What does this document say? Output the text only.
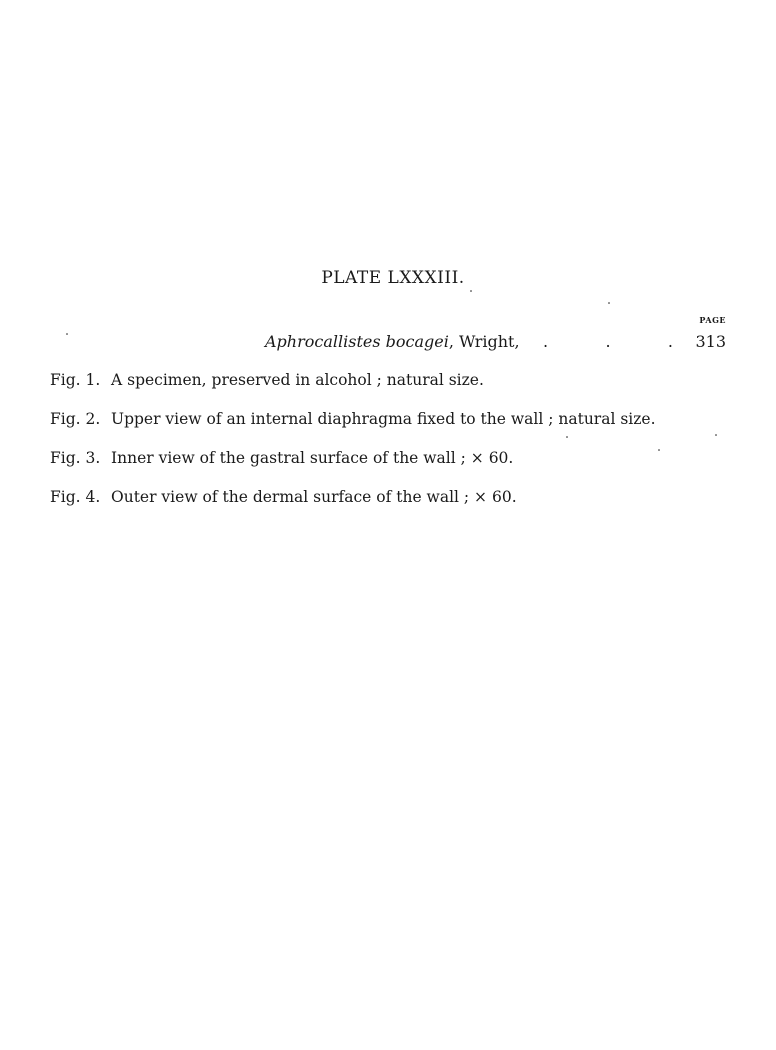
PLATE LXXXIII.
PAGE
Aphrocallistes bocagei, Wright, .	.	. 313
Fig. 1. A specimen, preserved in alcohol ; natural size.
Fig. 2. Upper view of an internal diaphragma fixed to the wall ; natural size.
Fig. 3. Inner view of the gastral surface of the wall ; × 60.
Fig. 4. Outer view of the dermal surface of the wall ; × 60.
